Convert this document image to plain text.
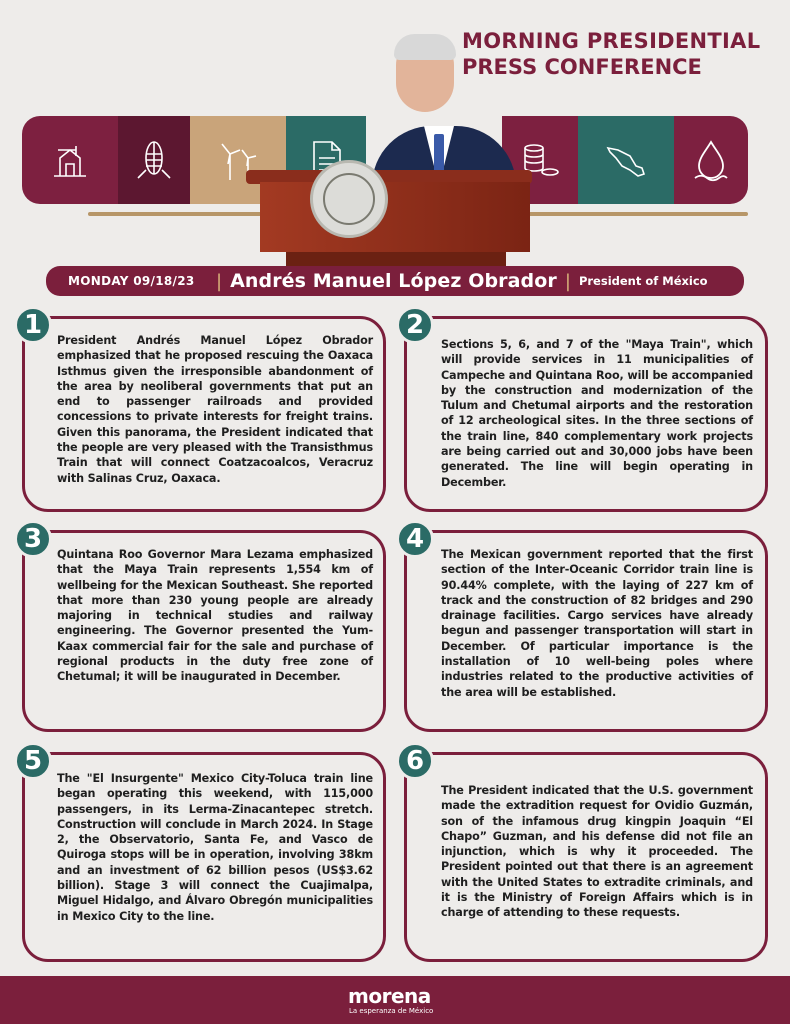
MORNING PRESIDENTIAL
PRESS CONFERENCE
MONDAY 09/18/23	| Andrés Manuel López Obrador | President of México
President Andrés Manuel López Obrador emphasized that he proposed rescuing the Oaxaca Isthmus given the irresponsible abandonment of the area by neoliberal governments that put an end to passenger railroads and provided concessions to private interests for freight trains. Given this panorama, the President indicated that the people are very pleased with the Transisthmus Train that will connect Coatzacoalcos, Veracruz with Salinas Cruz, Oaxaca.
1
Sections 5, 6, and 7 of the "Maya Train", which will provide services in 11 municipalities of Campeche and Quintana Roo, will be accompanied by the construction and modernization of the Tulum and Chetumal airports and the restoration of 12 archeological sites. In the three sections of the train line, 840 complementary work projects are being carried out and 30,000 jobs have been generated. The line will begin operating in December.
2
Quintana Roo Governor Mara Lezama emphasized that the Maya Train represents 1,554 km of wellbeing for the Mexican Southeast. She reported that more than 230 young people are already majoring in technical studies and railway engineering. The Governor presented the Yum-Kaax commercial fair for the sale and purchase of regional products in the duty free zone of Chetumal; it will be inaugurated in December.
3
The Mexican government reported that the first section of the Inter-Oceanic Corridor train line is 90.44% complete, with the laying of 227 km of track and the construction of 82 bridges and 290 drainage facilities. Cargo services have already begun and passenger transportation will start in December. Of particular importance is the installation of 10 well-being poles where industries related to the productive activities of the area will be established.
4
The "El Insurgente" Mexico City-Toluca train line began operating this weekend, with 115,000 passengers, in its Lerma-Zinacantepec stretch. Construction will conclude in March 2024. In Stage 2, the Observatorio, Santa Fe, and Vasco de Quiroga stops will be in operation, involving 38km and an investment of 62 billion pesos (US$3.62 billion). Stage 3 will connect the Cuajimalpa, Miguel Hidalgo, and Álvaro Obregón municipalities in Mexico City to the line.
5
The President indicated that the U.S. government made the extradition request for Ovidio Guzmán, son of the infamous drug kingpin Joaquin “El Chapo” Guzman, and his defense did not file an injunction, which is why it proceeded. The President pointed out that there is an agreement with the United States to extradite criminals, and it is the Ministry of Foreign Affairs which is in charge of attending to these requests.
6
morena
La esperanza de México
